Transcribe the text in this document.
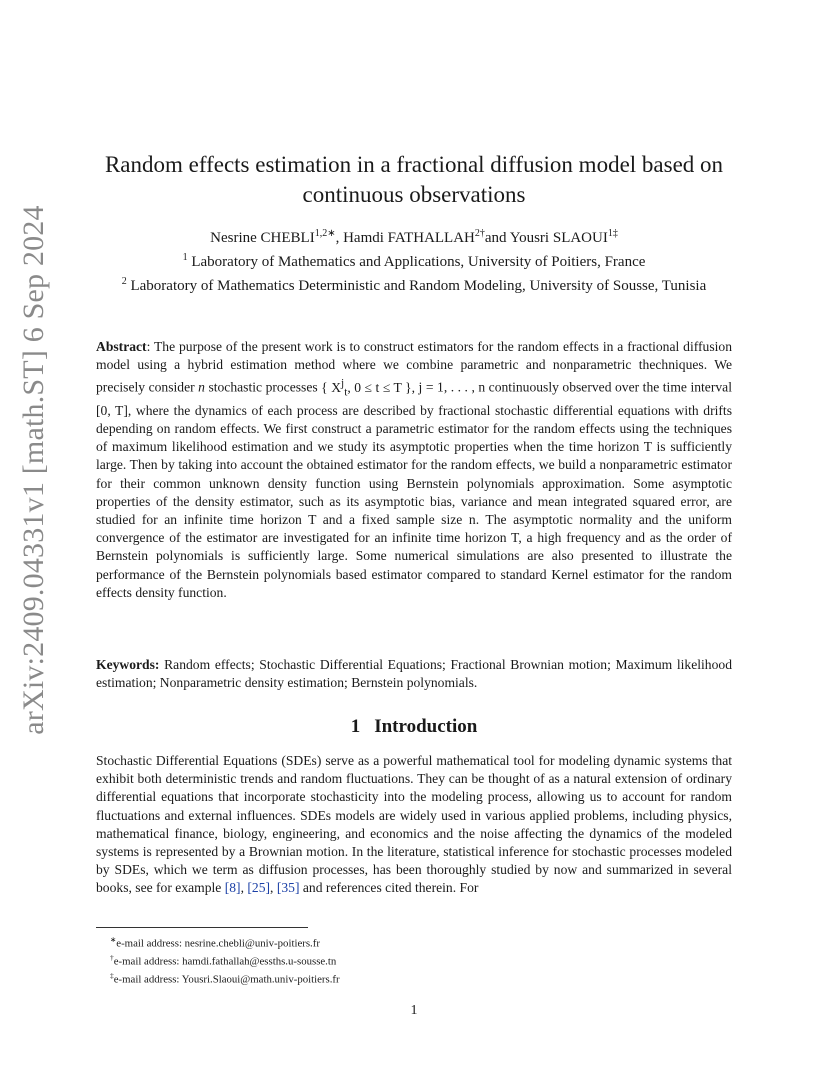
arXiv:2409.04331v1 [math.ST] 6 Sep 2024
Random effects estimation in a fractional diffusion model based on continuous observations
Nesrine $CHEBLI^{1,2∗}$, Hamdi $FATHALLAH^{2\dagger}and$ Yousri $SLAOUI^{1\ddagger}$
$^1$ Laboratory of Mathematics and Applications, University of Poitiers, France
$^2$ Laboratory of Mathematics Deterministic and Random Modeling, University of Sousse, Tunisia
Abstract: The purpose of the present work is to construct estimators for the random effects in a fractional diffusion model using a hybrid estimation method where we combine parametric and nonparametric thechniques. We precisely consider n stochastic processes { $X^j_t$, 0 ≤ t ≤ T }, j = 1, . . . , n continuously observed over the time interval [0, T], where the dynamics of each process are described by fractional stochastic differential equations with drifts depending on random effects. We first construct a parametric estimator for the random effects using the techniques of maximum likelihood estimation and we study its asymptotic properties when the time horizon T is sufficiently large. Then by taking into account the obtained estimator for the random effects, we build a nonparametric estimator for their common unknown density function using Bernstein polynomials approximation. Some asymptotic properties of the density estimator, such as its asymptotic bias, variance and mean integrated squared error, are studied for an infinite time horizon T and a fixed sample size n. The asymptotic normality and the uniform convergence of the estimator are investigated for an infinite time horizon T, a high frequency and as the order of Bernstein polynomials is sufficiently large. Some numerical simulations are also presented to illustrate the performance of the Bernstein polynomials based estimator compared to standard Kernel estimator for the random effects density function.
Keywords: Random effects; Stochastic Differential Equations; Fractional Brownian motion; Maximum likelihood estimation; Nonparametric density estimation; Bernstein polynomials.
1 Introduction
Stochastic Differential Equations (SDEs) serve as a powerful mathematical tool for modeling dynamic systems that exhibit both deterministic trends and random fluctuations. They can be thought of as a natural extension of ordinary differential equations that incorporate stochasticity into the modeling process, allowing us to account for random fluctuations and external influences. SDEs models are widely used in various applied problems, including physics, mathematical finance, biology, engineering, and economics and the noise affecting the dynamics of the modeled systems is represented by a Brownian motion. In the literature, statistical inference for stochastic processes modeled by SDEs, which we term as diffusion processes, has been thoroughly studied by now and summarized in several books, see for example [8], [25], [35] and references cited therein. For
∗e-mail address: nesrine.chebli@univ-poitiers.fr
†e-mail address: hamdi.fathallah@essths.u-sousse.tn
‡e-mail address: Yousri.Slaoui@math.univ-poitiers.fr
1
